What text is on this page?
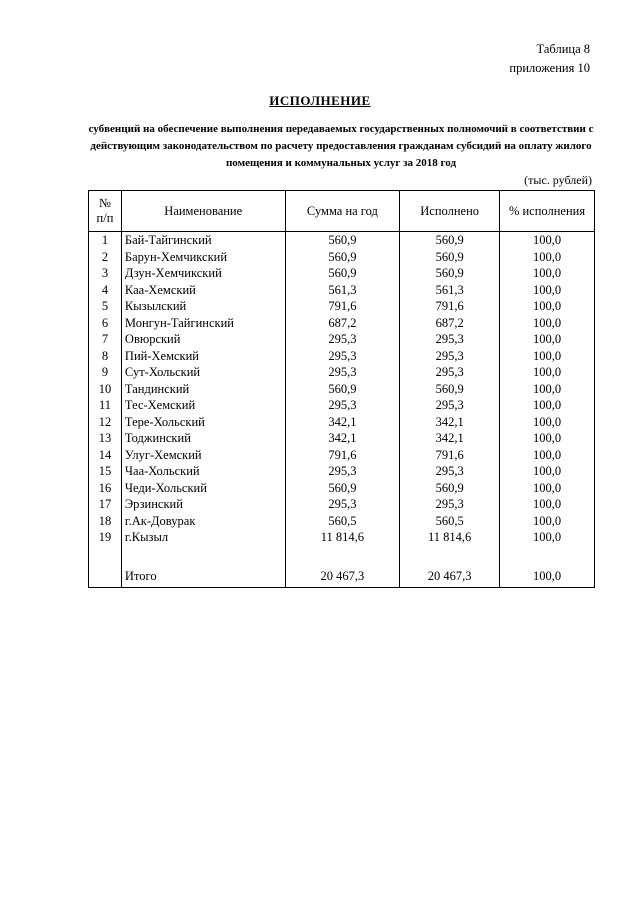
Таблица 8
приложения 10
ИСПОЛНЕНИЕ
субвенций на обеспечение выполнения передаваемых государственных полномочий в соответствии с действующим законодательством по расчету предоставления гражданам субсидий на оплату жилого помещения и коммунальных услуг за 2018 год
(тыс. рублей)
№
п/п	Наименование	Сумма на год	Исполнено	% исполнения
1	Бай-Тайгинский	560,9	560,9	100,0
2	Барун-Хемчикский	560,9	560,9	100,0
3	Дзун-Хемчикский	560,9	560,9	100,0
4	Каа-Хемский	561,3	561,3	100,0
5	Кызылский	791,6	791,6	100,0
6	Монгун-Тайгинский	687,2	687,2	100,0
7	Овюрский	295,3	295,3	100,0
8	Пий-Хемский	295,3	295,3	100,0
9	Сут-Хольский	295,3	295,3	100,0
10	Тандинский	560,9	560,9	100,0
11	Тес-Хемский	295,3	295,3	100,0
12	Тере-Хольский	342,1	342,1	100,0
13	Тоджинский	342,1	342,1	100,0
14	Улуг-Хемский	791,6	791,6	100,0
15	Чаа-Хольский	295,3	295,3	100,0
16	Чеди-Хольский	560,9	560,9	100,0
17	Эрзинский	295,3	295,3	100,0
18	г.Ак-Довурак	560,5	560,5	100,0
19	г.Кызыл	11 814,6	11 814,6	100,0

	Итого	20 467,3	20 467,3	100,0
